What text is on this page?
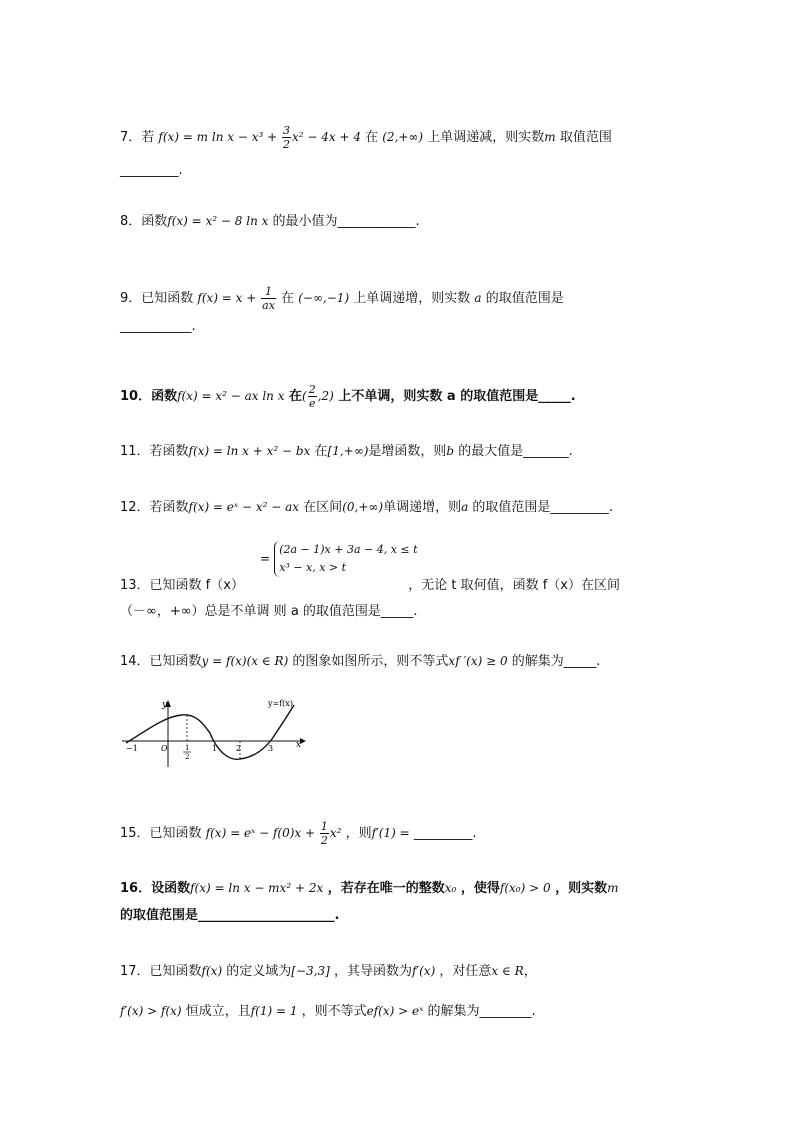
7．若 f(x) = m $\ln x - x^3 + \frac{3}{2} x^2 - 4x + 4$ 在 (2,+∞) 上单调递减，则实数m 取值范围
_________.
8．函数f(x) = x² − 8 ln x 的最小值为____________.
9．已知函数 $f(x) = x + \frac{1}{ax}$ 在 (−∞,−1) 上单调递增，则实数 a 的取值范围是
___________.
10．函数f(x) = x² − ax ln x 在( $\frac{2}{e} ,2$) 上不单调，则实数 a 的取值范围是_____.
11．若函数f(x) = ln x + x² − bx 在[1,+∞)是增函数，则b 的最大值是_______.
12．若函数f(x) = eˣ − x² − ax 在区间(0,+∞)单调递增，则a 的取值范围是_________.
=
(2a − 1)x + 3a − 4, x ≤ t
x³ − x, x > t
13．已知函数 f（x）	，无论 t 取何值，函数 f（x）在区间
（－∞，+∞）总是不单调 则 a 的取值范围是_____.
14．已知函数y = f(x)(x ∈ R) 的图象如图所示，则不等式xf ′(x) ≥ 0 的解集为_____.
y
x
y=f(x)
O
−1	1
2
1 2	3
15．已知函数 f(x) = eˣ − $f(0)x + \frac{1}{2} x^2$ ，则f′(1) = _________.
16．设函数f(x) = ln x − mx² + 2x ，若存在唯一的整数x₀ ，使得f(x₀) > 0 ，则实数m
的取值范围是_____________________.
17．已知函数f(x) 的定义域为[−3,3] ，其导函数为f′(x) ，对任意x ∈ R，
f′(x) > f(x) 恒成立，且f(1) = 1 ，则不等式ef(x) > eˣ 的解集为________.
